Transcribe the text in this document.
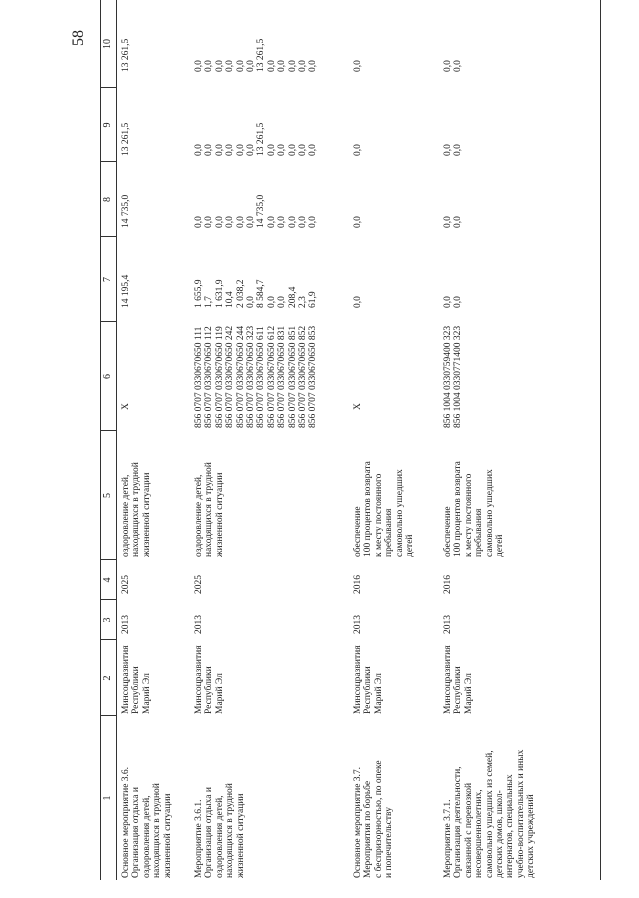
58
1
2
3
4
5
6
7
8
9
10
Основное мероприятие 3.6.
Организация отдыха и
оздоровления детей,
находящихся в трудной
жизненной ситуации
Минсоцразвития
Республики
Марий Эл
2013
2025
оздоровление детей,
находящихся в трудной
жизненной ситуации
X
14 195,4
14 735,0
13 261,5
13 261,5
Мероприятие 3.6.1.
Организация отдыха и
оздоровления детей,
находящихся в трудной
жизненной ситуации
Минсоцразвития
Республики
Марий Эл
2013
2025
оздоровление детей,
находящихся в трудной
жизненной ситуации
856 0707 0330670650 111
856 0707 0330670650 112
856 0707 0330670650 119
856 0707 0330670650 242
856 0707 0330670650 244
856 0707 0330670650 323
856 0707 0330670650 611
856 0707 0330670650 612
856 0707 0330670650 831
856 0707 0330670650 851
856 0707 0330670650 852
856 0707 0330670650 853
1 655,9
1,7
1 631,9
10,4
2 038,2
0,0
8 584,7
0,0
0,0
208,4
2,3
61,9
0,0
0,0
0,0
0,0
0,0
0,0
14 735,0
0,0
0,0
0,0
0,0
0,0
0,0
0,0
0,0
0,0
0,0
0,0
13 261,5
0,0
0,0
0,0
0,0
0,0
0,0
0,0
0,0
0,0
0,0
0,0
13 261,5
0,0
0,0
0,0
0,0
0,0
Основное мероприятие 3.7.
Мероприятия по борьбе
с беспризорностью, по опеке
и попечительству
Минсоцразвития
Республики
Марий Эл
2013
2016
обеспечение
100 процентов возврата
к месту постоянного
пребывания
самовольно ушедших
детей
X
0,0
0,0
0,0
0,0
Мероприятие 3.7.1.
Организация деятельности,
связанной с перевозкой
несовершеннолетних,
самовольно ушедших из семей,
детских домов, школ-
интернатов, специальных
учебно-воспитательных и иных
детских учреждений
Минсоцразвития
Республики
Марий Эл
2013
2016
обеспечение
100 процентов возврата
к месту постоянного
пребывания
самовольно ушедших
детей
856 1004 0330759400 323
856 1004 0330771400 323
0,0
0,0
0,0
0,0
0,0
0,0
0,0
0,0
